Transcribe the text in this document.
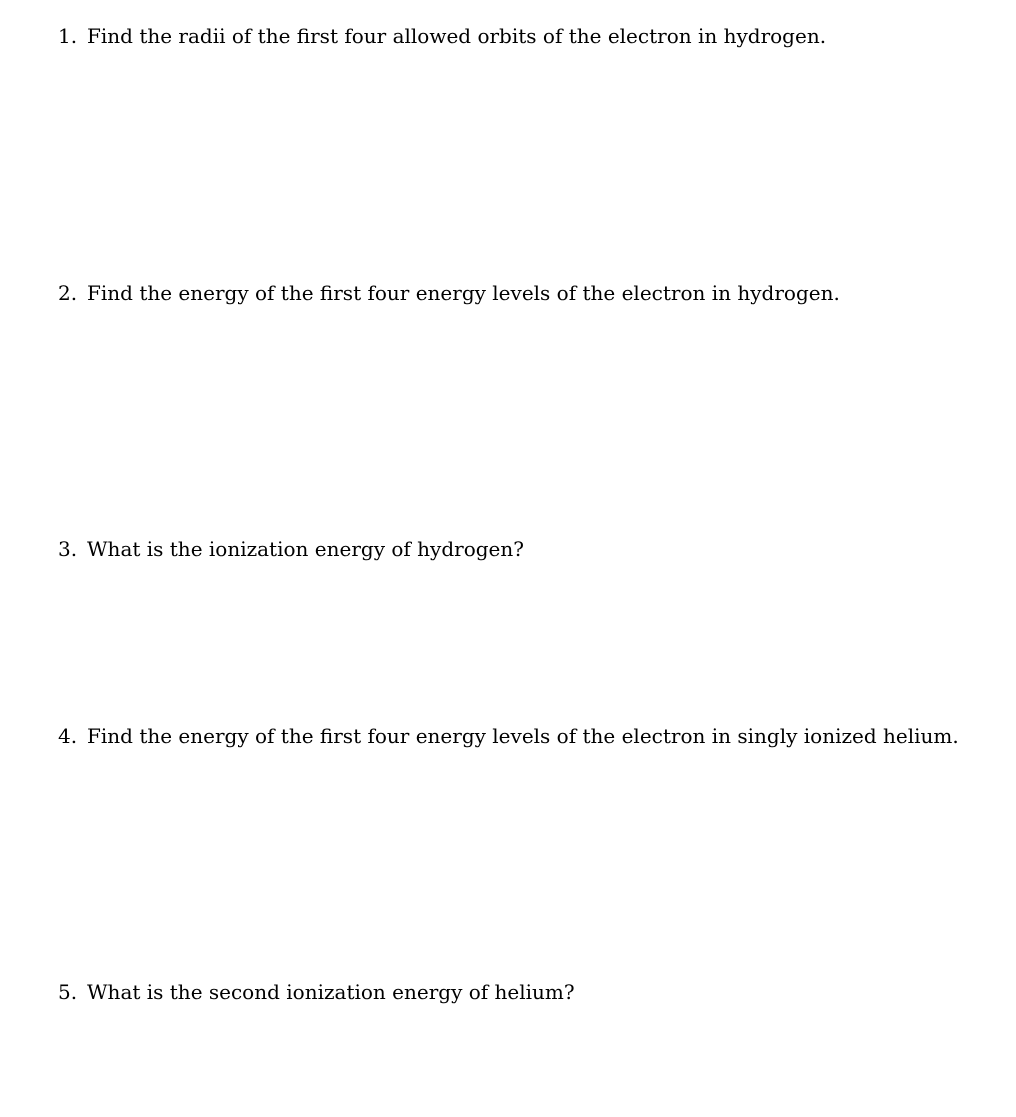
1. Find the radii of the first four allowed orbits of the electron in hydrogen.
2. Find the energy of the first four energy levels of the electron in hydrogen.
3. What is the ionization energy of hydrogen?
4. Find the energy of the first four energy levels of the electron in singly ionized helium.
5. What is the second ionization energy of helium?
